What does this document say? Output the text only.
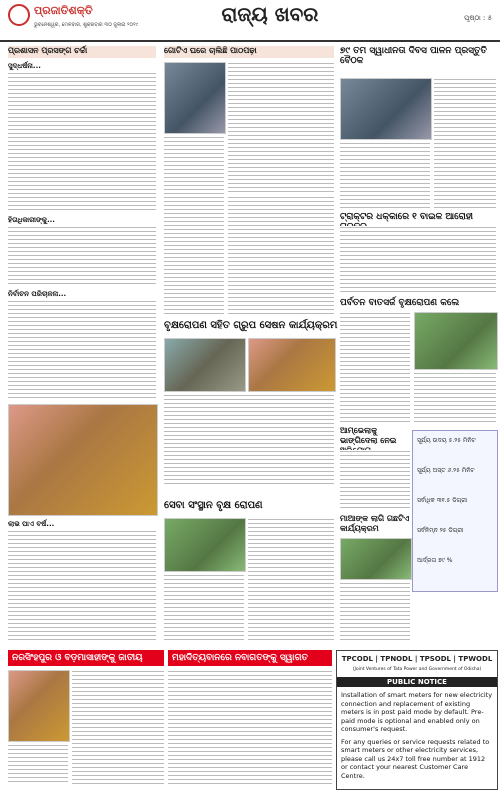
ପ୍ରଜାତିଶକ୍ତି
ଭୁବନେଶ୍ୱର, ମେଳବାର, ଶୁକ୍ରବାର ୩୦ ଜୁଲାଇ ୨୦୧୯	ରାଜ୍ୟ ଖବର	ପୃଷ୍ଠା : ୫
ପ୍ରଶାସନ ପ୍ରସଙ୍ଗ ଚର୍ଚ୍ଚା
ସୁଦ୍ଧର୍ଷନା...
ହିତାଧିକାରୀଙ୍କୁ...
ନିର୍ବାଚନ ପରିଚାଳନା...
ଲାଭ ପାଏ ବର୍ଷ...
ଗୋଟିଏ ଘରେ ଚାଲିଛି ପାଠପଢ଼ା
ବୃକ୍ଷରୋପଣ ସହିତ ଗ୍ରୁପ ସେଷନ କାର୍ଯ୍ୟକ୍ରମ
ସେବା ସଂସ୍ଥାନ ବୃକ୍ଷ ରୋପଣ
୭୯ ତମ ସ୍ୱାଧୀନତା ଦିବସ ପାଳନ ପ୍ରସ୍ତୁତି ବୈଠକ
ଟ୍ରାକ୍ଟର ଧକ୍କାରେ ୧ ବାଇକ ଆରୋହୀ
ପର୍ବତନ ବାତସର୍ଜ ବୃକ୍ଷରୋପଣ କଲେ
ଆମ୍ଭେଲାକୁ ଭାଙ୍ଗିଦେଲା ନେଇ
ମାଆଙ୍କ ଲାଗି ଗଛଟିଏ କାର୍ଯ୍ୟକ୍ରମ
ସୂର୍ଯ୍ୟ ଉଦୟ ୫.୨୫ ମିନିଟ
ସୂର୍ଯ୍ୟ ଅସ୍ତ ୬.୨୫ ମିନିଟ
ସର୍ବାଧିକ ୩୧.୫ ଡିଗ୍ରୀ
ସର୍ବନିମ୍ନ ୨୫ ଡିଗ୍ରୀ
ଆର୍ଦ୍ରତା ୭୯ %
ନରସିଂହପୁର ଓ ବଡ଼ମାସାହୀଙ୍କୁ ଜାତୀୟ	ମହାଦିତ୍ୟବାନରେ ନବାଗତଙ୍କୁ ସ୍ୱାଗତ	TPCODL | TPNODL | TPSODL | TPWODL
(Joint Ventures of Tata Power and Government of Odisha)
PUBLIC NOTICE
Installation of smart meters for new electricity connection and replacement of existing meters is in post paid mode by default. Pre-paid mode is optional and enabled only on consumer's request.
For any queries or service requests related to smart meters or other electricity services, please call us 24x7 toll free number at 1912 or contact your nearest Customer Care Centre.
